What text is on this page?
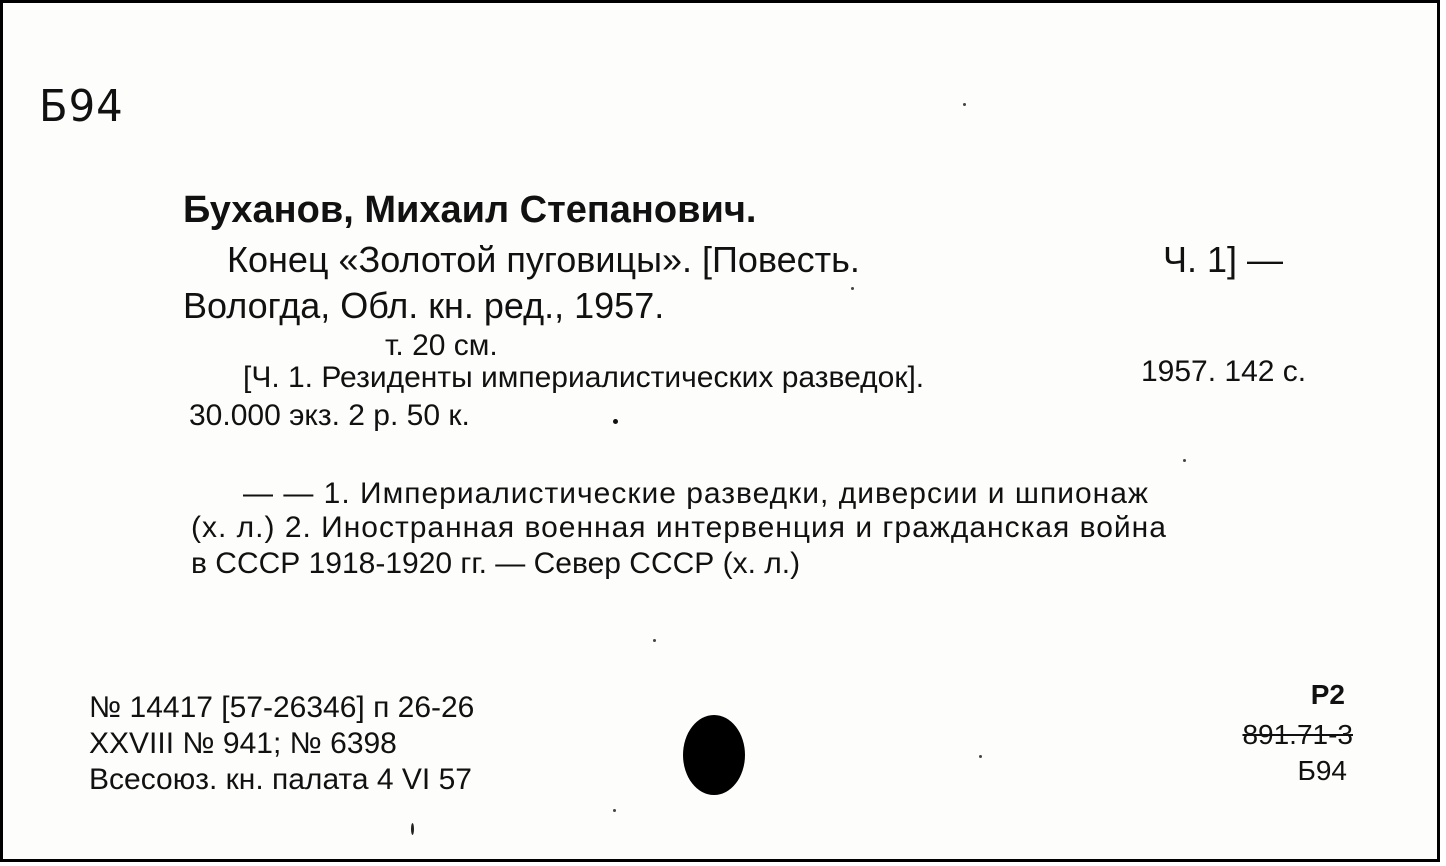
Б94
Буханов, Михаил Степанович.
Конец «Золотой пуговицы». [Повесть.	Ч. 1] —
Вологда, Обл. кн. ред., 1957.
т. 20 см.
[Ч. 1. Резиденты империалистических разведок].	1957. 142 с.
30.000 экз. 2 р. 50 к.
— — 1. Империалистические разведки, диверсии и шпионаж
(х. л.) 2. Иностранная военная интервенция и гражданская война
в СССР 1918-1920 гг. — Север СССР (х. л.)
№ 14417 [57-26346] п 26-26
XXVIII № 941; № 6398
Всесоюз. кн. палата 4 VI 57
Р2
891.71-3
Б94
